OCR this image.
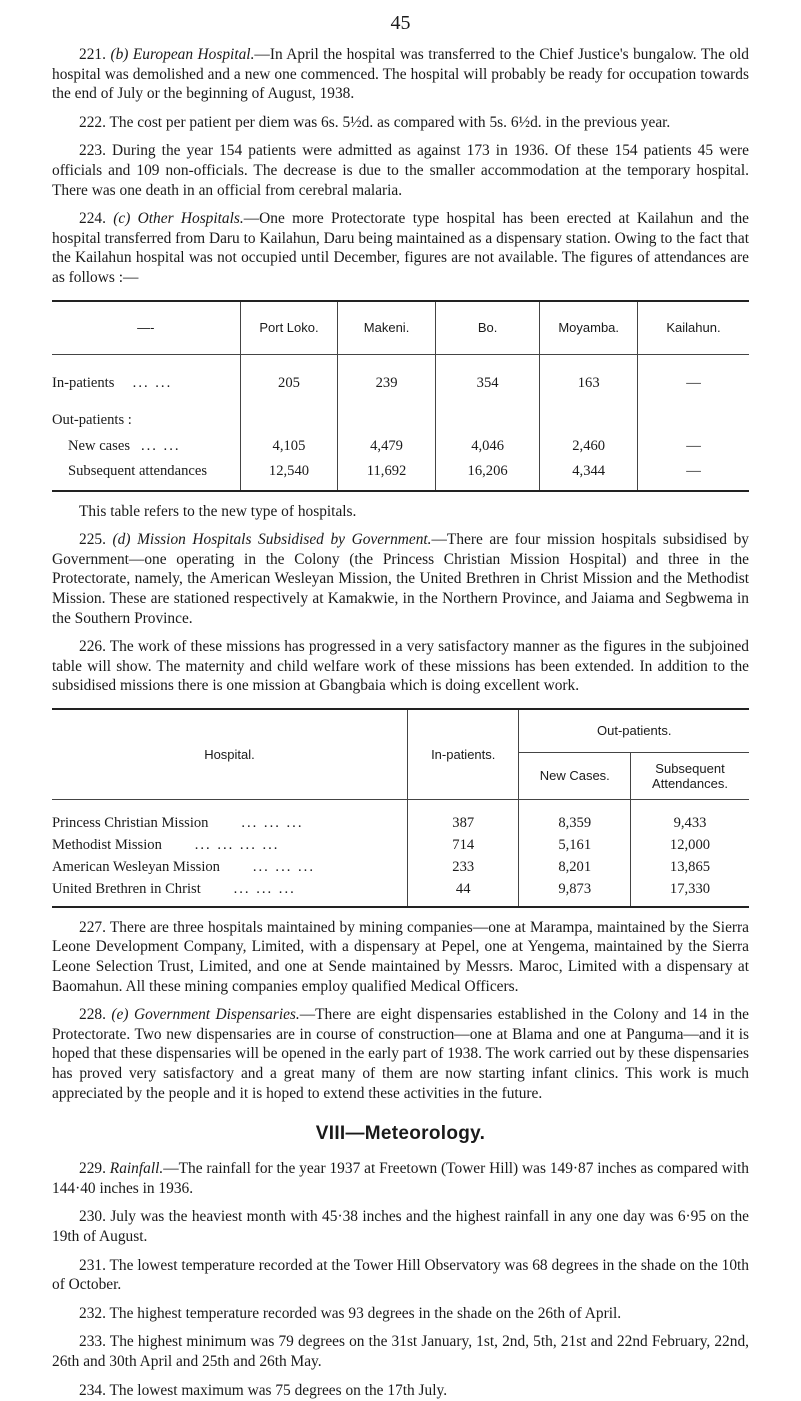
45

221. (b) European Hospital.—In April the hospital was transferred to the Chief Justice's bungalow. The old hospital was demolished and a new one commenced. The hospital will probably be ready for occupation towards the end of July or the beginning of August, 1938.

222. The cost per patient per diem was 6s. 5½d. as compared with 5s. 6½d. in the previous year.

223. During the year 154 patients were admitted as against 173 in 1936. Of these 154 patients 45 were officials and 109 non-officials. The decrease is due to the smaller accommodation at the temporary hospital. There was one death in an official from cerebral malaria.

224. (c) Other Hospitals.—One more Protectorate type hospital has been erected at Kailahun and the hospital transferred from Daru to Kailahun, Daru being maintained as a dispensary station. Owing to the fact that the Kailahun hospital was not occupied until December, figures are not available. The figures of attendances are as follows :—

—-	Port Loko.	Makeni.	Bo.	Moyamba.	Kailahun.
In-patients ... ...	205	239	354	163	—
Out-patients :					
New cases ... ...	4,105	4,479	4,046	2,460	—
Subsequent attendances	12,540	11,692	16,206	4,344	—

This table refers to the new type of hospitals.

225. (d) Mission Hospitals Subsidised by Government.—There are four mission hospitals subsidised by Government—one operating in the Colony (the Princess Christian Mission Hospital) and three in the Protectorate, namely, the American Wesleyan Mission, the United Brethren in Christ Mission and the Methodist Mission. These are stationed respectively at Kamakwie, in the Northern Province, and Jaiama and Segbwema in the Southern Province.

226. The work of these missions has progressed in a very satisfactory manner as the figures in the subjoined table will show. The maternity and child welfare work of these missions has been extended. In addition to the subsidised missions there is one mission at Gbangbaia which is doing excellent work.

Hospital.	In-patients.	Out-patients.	
		New Cases.	Subsequent Attendances.
Princess Christian Mission ... ... ...	387	8,359	9,433
Methodist Mission ... ... ... ...	714	5,161	12,000
American Wesleyan Mission ... ... ...	233	8,201	13,865
United Brethren in Christ ... ... ...	44	9,873	17,330

227. There are three hospitals maintained by mining companies—one at Marampa, maintained by the Sierra Leone Development Company, Limited, with a dispensary at Pepel, one at Yengema, maintained by the Sierra Leone Selection Trust, Limited, and one at Sende maintained by Messrs. Maroc, Limited with a dispensary at Baomahun. All these mining companies employ qualified Medical Officers.

228. (e) Government Dispensaries.—There are eight dispensaries established in the Colony and 14 in the Protectorate. Two new dispensaries are in course of construction—one at Blama and one at Panguma—and it is hoped that these dispensaries will be opened in the early part of 1938. The work carried out by these dispensaries has proved very satisfactory and a great many of them are now starting infant clinics. This work is much appreciated by the people and it is hoped to extend these activities in the future.

VIII—Meteorology.

229. Rainfall.—The rainfall for the year 1937 at Freetown (Tower Hill) was 149·87 inches as compared with 144·40 inches in 1936.

230. July was the heaviest month with 45·38 inches and the highest rainfall in any one day was 6·95 on the 19th of August.

231. The lowest temperature recorded at the Tower Hill Observatory was 68 degrees in the shade on the 10th of October.

232. The highest temperature recorded was 93 degrees in the shade on the 26th of April.

233. The highest minimum was 79 degrees on the 31st January, 1st, 2nd, 5th, 21st and 22nd February, 22nd, 26th and 30th April and 25th and 26th May.

234. The lowest maximum was 75 degrees on the 17th July.
